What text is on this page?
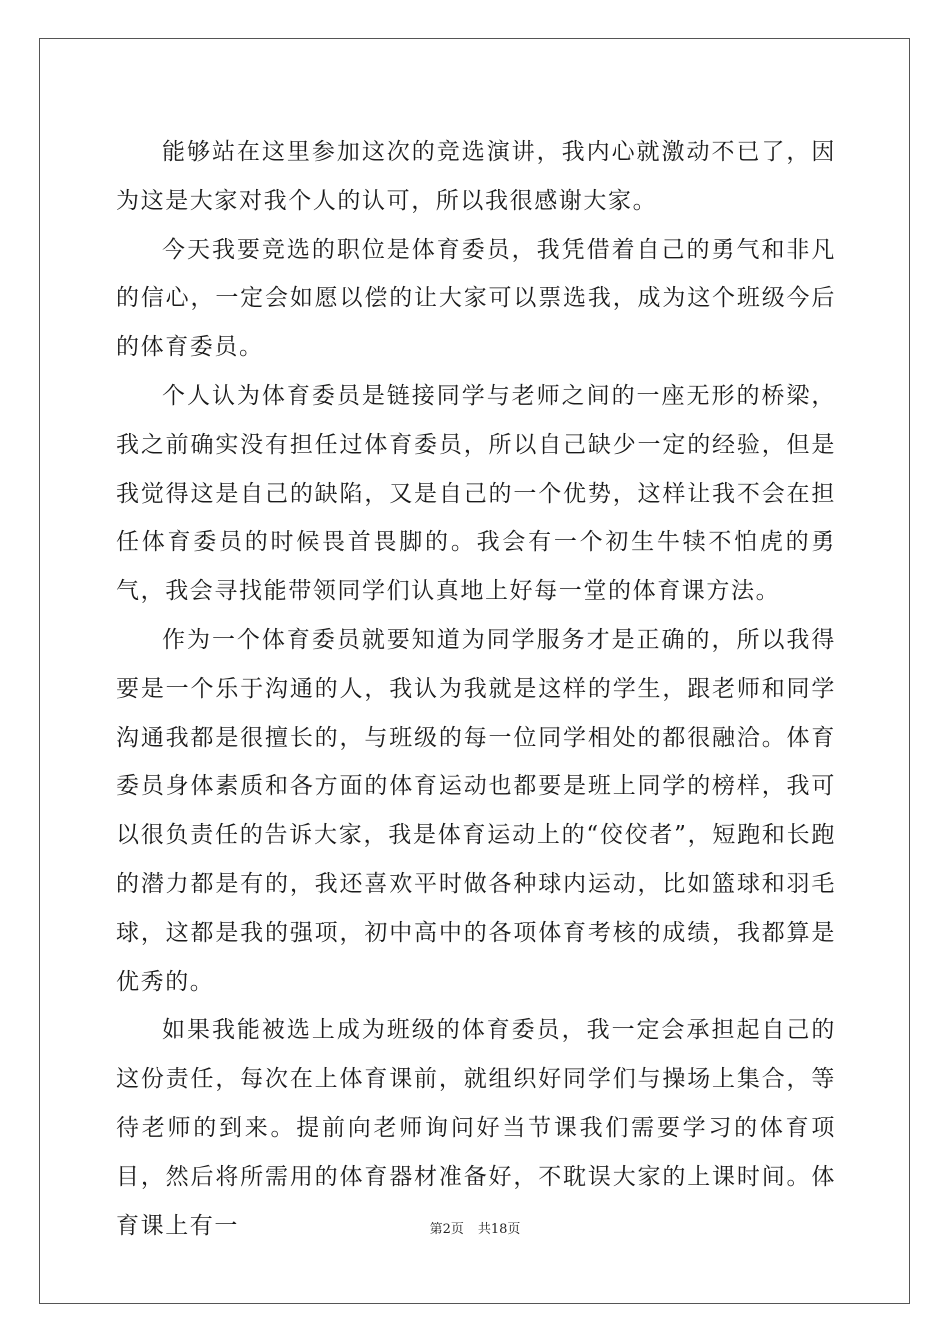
能够站在这里参加这次的竞选演讲，我内心就激动不已了，因为这是大家对我个人的认可，所以我很感谢大家。

今天我要竞选的职位是体育委员，我凭借着自己的勇气和非凡的信心，一定会如愿以偿的让大家可以票选我，成为这个班级今后的体育委员。

个人认为体育委员是链接同学与老师之间的一座无形的桥梁，我之前确实没有担任过体育委员，所以自己缺少一定的经验，但是我觉得这是自己的缺陷，又是自己的一个优势，这样让我不会在担任体育委员的时候畏首畏脚的。我会有一个初生牛犊不怕虎的勇气，我会寻找能带领同学们认真地上好每一堂的体育课方法。

作为一个体育委员就要知道为同学服务才是正确的，所以我得要是一个乐于沟通的人，我认为我就是这样的学生，跟老师和同学沟通我都是很擅长的，与班级的每一位同学相处的都很融洽。体育委员身体素质和各方面的体育运动也都要是班上同学的榜样，我可以很负责任的告诉大家，我是体育运动上的“佼佼者”，短跑和长跑的潜力都是有的，我还喜欢平时做各种球内运动，比如篮球和羽毛球，这都是我的强项，初中高中的各项体育考核的成绩，我都算是优秀的。

如果我能被选上成为班级的体育委员，我一定会承担起自己的这份责任，每次在上体育课前，就组织好同学们与操场上集合，等待老师的到来。提前向老师询问好当节课我们需要学习的体育项目，然后将所需用的体育器材准备好，不耽误大家的上课时间。体育课上有一	第2页 共18页
